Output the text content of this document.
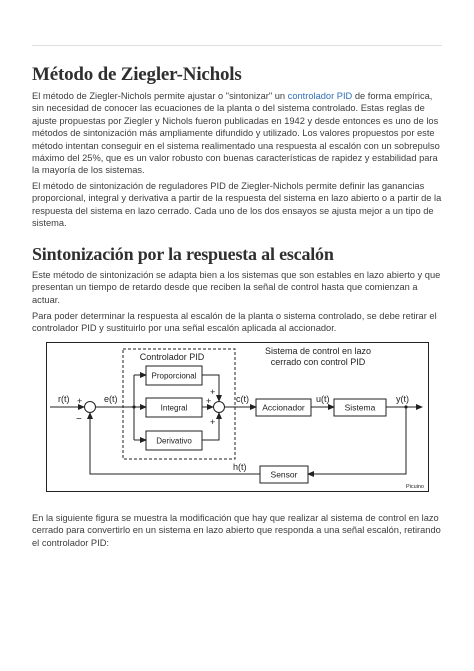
Método de Ziegler-Nichols

El método de Ziegler-Nichols permite ajustar o "sintonizar" un controlador PID de forma empírica, sin necesidad de conocer las ecuaciones de la planta o del sistema controlado. Estas reglas de ajuste propuestas por Ziegler y Nichols fueron publicadas en 1942 y desde entonces es uno de los métodos de sintonización más ampliamente difundido y utilizado. Los valores propuestos por este método intentan conseguir en el sistema realimentado una respuesta al escalón con un sobrepulso máximo del 25%, que es un valor robusto con buenas características de rapidez y estabilidad para la mayoría de los sistemas.

El método de sintonización de reguladores PID de Ziegler-Nichols permite definir las ganancias proporcional, integral y derivativa a partir de la respuesta del sistema en lazo abierto o a partir de la respuesta del sistema en lazo cerrado. Cada uno de los dos ensayos se ajusta mejor a un tipo de sistema.

Sintonización por la respuesta al escalón

Este método de sintonización se adapta bien a los sistemas que son estables en lazo abierto y que presentan un tiempo de retardo desde que reciben la señal de control hasta que comienzan a actuar.

Para poder determinar la respuesta al escalón de la planta o sistema controlado, se debe retirar el controlador PID y sustituirlo por una señal escalón aplicada al accionador.

Sistema de control en lazo
cerrado con control PID
Controlador PID
Proporcional
Integral
Derivativo
Accionador	Sistema
Sensor
r(t)	e(t)	c(t)	u(t)	y(t)
h(t)
+
−
+
+
+
Picuino

En la siguiente figura se muestra la modificación que hay que realizar al sistema de control en lazo cerrado para convertirlo en un sistema en lazo abierto que responda a una señal escalón, retirando el controlador PID:
